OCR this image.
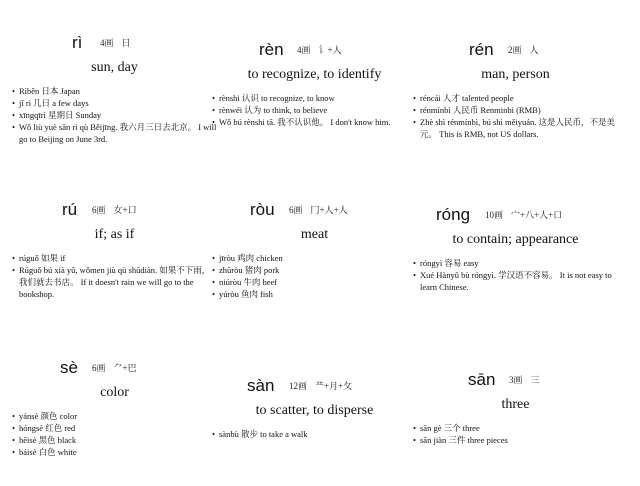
rì 4画 日
sun, day
• Rìběn 日本 Japan
• jǐ rì 几日 a few days
• xīngqīrì 星期日 Sunday
• Wǒ liù yuè sān rì qù Běijīng. 我六月三日去北京。 I will go to Beijing on June 3rd.
rèn 4画 讠+人
to recognize, to identify
• rènshi 认识 to recognize, to know
• rènwéi 认为 to think, to believe
• Wǒ bú rènshi tā. 我不认识他。 I don't know him.
rén 2画 人
man, person
• réncái 人才 talented people
• rénmínbì 人民币 Renminbi (RMB)
• Zhè shì rénmínbì, bú shì měiyuán. 这是人民币，不是美元。 This is RMB, not US dollars.
rú 6画 女+口
if; as if
• rúguǒ 如果 if
• Rúguǒ bú xià yǔ, wǒmen jiù qù shūdiàn. 如果不下雨，我们就去书店。 If it doesn't rain we will go to the bookshop.
ròu 6画 冂+人+人
meat
• jīròu 鸡肉 chicken
• zhūròu 猪肉 pork
• niúròu 牛肉 beef
• yúròu 鱼肉 fish
róng 10画 宀+八+人+口
to contain; appearance
• róngyì 容易 easy
• Xué Hànyǔ bù róngyì. 学汉语不容易。 It is not easy to learn Chinese.
sè 6画 ⺈+巴
color
• yánsè 颜色 color
• hóngsè 红色 red
• hēisè 黑色 black
• báisè 白色 white
sàn 12画 龷+月+攵
to scatter, to disperse
• sànbù 散步 to take a walk
sān 3画 三
three
• sān gè 三个 three
• sān jiàn 三件 three pieces
